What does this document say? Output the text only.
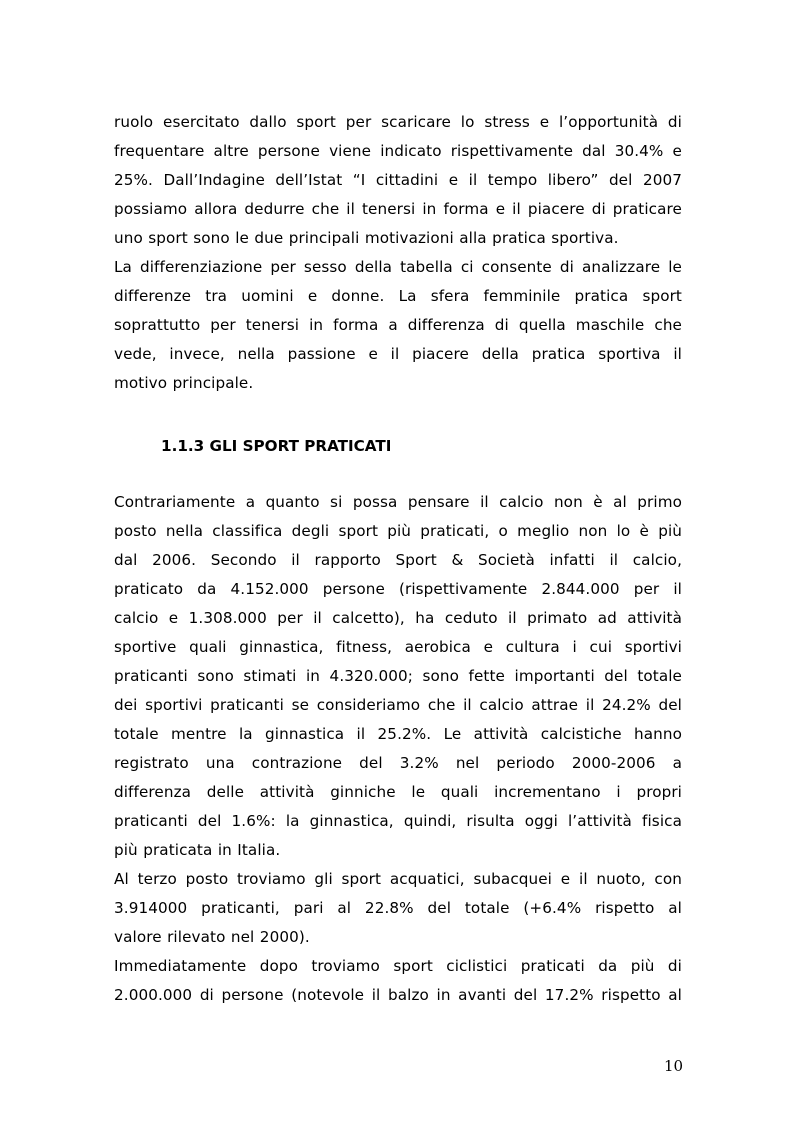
ruolo esercitato dallo sport per scaricare lo stress e l’opportunità di
frequentare altre persone viene indicato rispettivamente dal 30.4% e
25%. Dall’Indagine dell’Istat “I cittadini e il tempo libero” del 2007
possiamo allora dedurre che il tenersi in forma e il piacere di praticare
uno sport sono le due principali motivazioni alla pratica sportiva.
La differenziazione per sesso della tabella ci consente di analizzare le
differenze tra uomini e donne. La sfera femminile pratica sport
soprattutto per tenersi in forma a differenza di quella maschile che
vede, invece, nella passione e il piacere della pratica sportiva il
motivo principale.
1.1.3 GLI SPORT PRATICATI
Contrariamente a quanto si possa pensare il calcio non è al primo
posto nella classifica degli sport più praticati, o meglio non lo è più
dal 2006. Secondo il rapporto Sport & Società infatti il calcio,
praticato da 4.152.000 persone (rispettivamente 2.844.000 per il
calcio e 1.308.000 per il calcetto), ha ceduto il primato ad attività
sportive quali ginnastica, fitness, aerobica e cultura i cui sportivi
praticanti sono stimati in 4.320.000; sono fette importanti del totale
dei sportivi praticanti se consideriamo che il calcio attrae il 24.2% del
totale mentre la ginnastica il 25.2%. Le attività calcistiche hanno
registrato una contrazione del 3.2% nel periodo 2000-2006 a
differenza delle attività ginniche le quali incrementano i propri
praticanti del 1.6%: la ginnastica, quindi, risulta oggi l’attività fisica
più praticata in Italia.
Al terzo posto troviamo gli sport acquatici, subacquei e il nuoto, con
3.914000 praticanti, pari al 22.8% del totale (+6.4% rispetto al
valore rilevato nel 2000).
Immediatamente dopo troviamo sport ciclistici praticati da più di
2.000.000 di persone (notevole il balzo in avanti del 17.2% rispetto al
10
